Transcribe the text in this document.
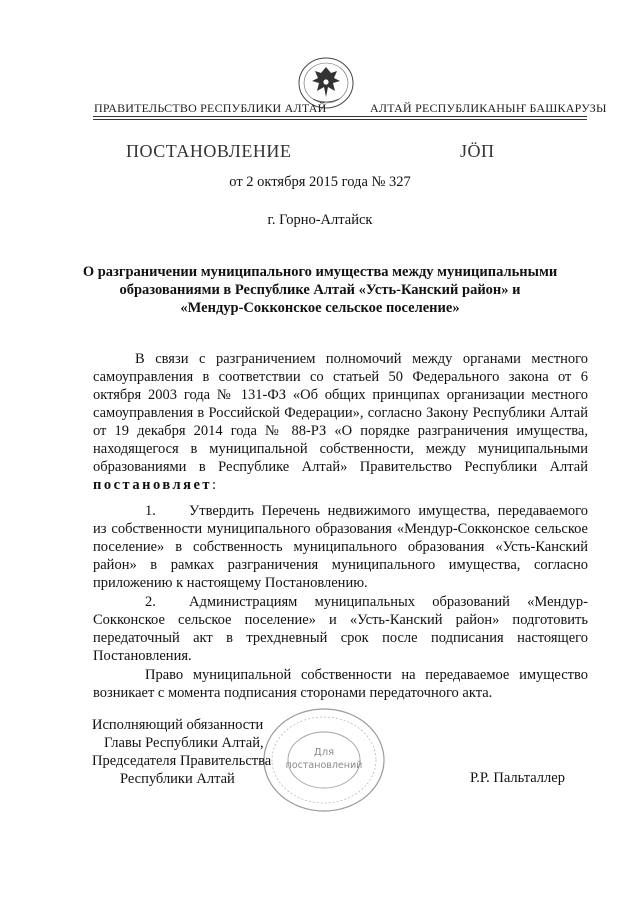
ПРАВИТЕЛЬСТВО РЕСПУБЛИКИ АЛТАЙ	АЛТАЙ РЕСПУБЛИКАНЫҤ БАШКАРУЗЫ
ПОСТАНОВЛЕНИЕ	ЈӦП
от 2 октября 2015 года № 327
г. Горно-Алтайск
О разграничении муниципального имущества между муниципальными
образованиями в Республике Алтай «Усть-Канский район» и
«Мендур-Сокконское сельское поселение»
В связи с разграничением полномочий между органами местного самоуправления в соответствии со статьей 50 Федерального закона от 6 октября 2003 года № 131-ФЗ «Об общих принципах организации местного самоуправления в Российской Федерации», согласно Закону Республики Алтай от 19 декабря 2014 года № 88-РЗ «О порядке разграничения имущества, находящегося в муниципальной собственности, между муниципальными образованиями в Республике Алтай» Правительство Республики Алтай постановляет:
1. Утвердить Перечень недвижимого имущества, передаваемого из собственности муниципального образования «Мендур-Сокконское сельское поселение» в собственность муниципального образования «Усть-Канский район» в рамках разграничения муниципального имущества, согласно приложению к настоящему Постановлению.
2. Администрациям муниципальных образований «Мендур-Сокконское сельское поселение» и «Усть-Канский район» подготовить передаточный акт в трехдневный срок после подписания настоящего Постановления.
Право муниципальной собственности на передаваемое имущество возникает с момента подписания сторонами передаточного акта.
Для
постановлений
Исполняющий обязанности
Главы Республики Алтай,
Председателя Правительства
Республики Алтай	Р.Р. Пальталлер
